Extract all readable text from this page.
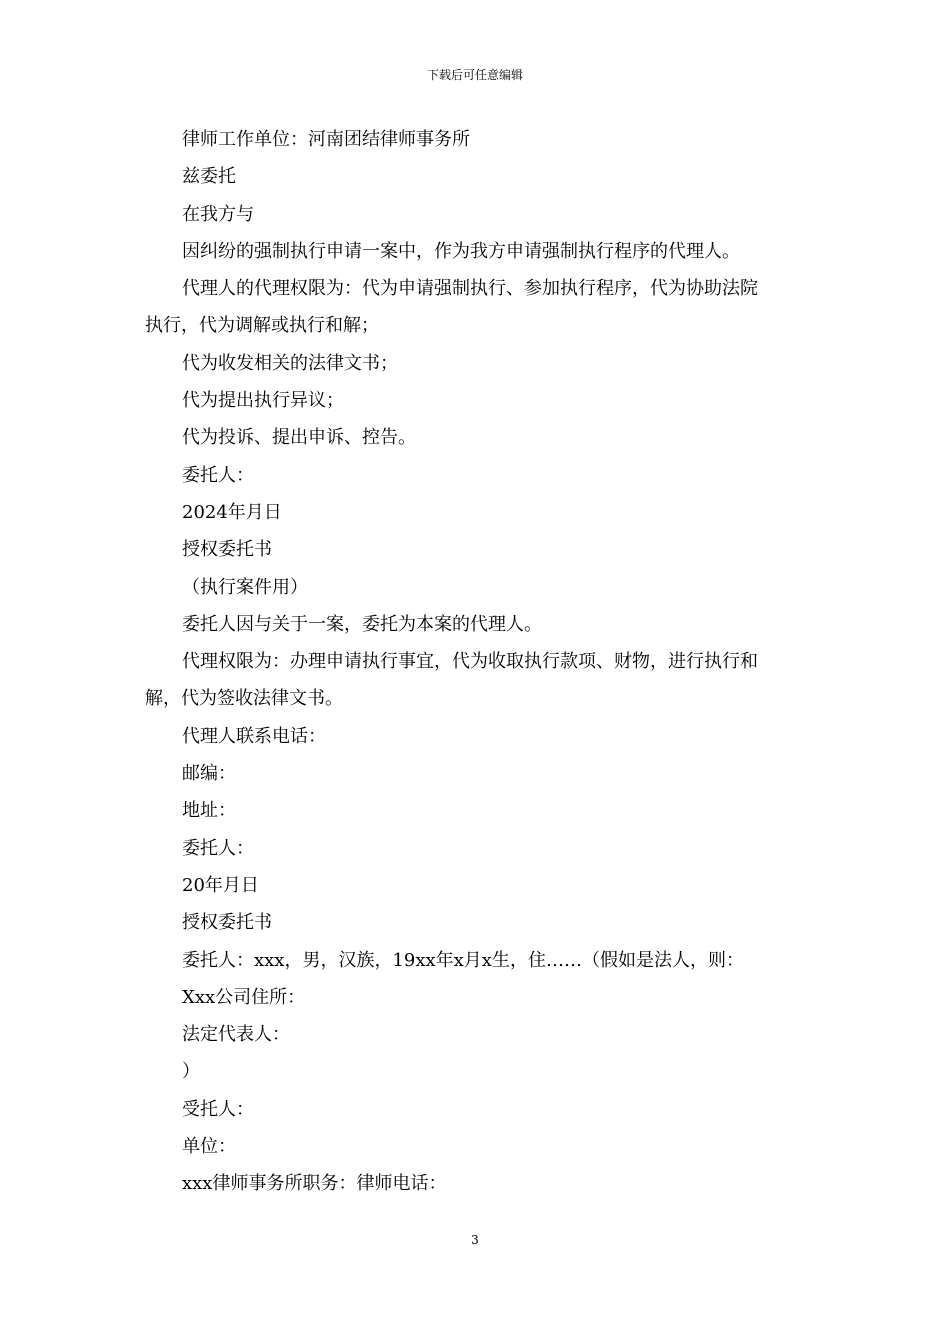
下载后可任意编辑

律师工作单位：河南团结律师事务所

兹委托

在我方与

因纠纷的强制执行申请一案中，作为我方申请强制执行程序的代理人。

代理人的代理权限为：代为申请强制执行、参加执行程序，代为协助法院

执行，代为调解或执行和解；

代为收发相关的法律文书；

代为提出执行异议；

代为投诉、提出申诉、控告。

委托人：

2024年月日

授权委托书

（执行案件用）

委托人因与关于一案，委托为本案的代理人。

代理权限为：办理申请执行事宜，代为收取执行款项、财物，进行执行和

解，代为签收法律文书。

代理人联系电话：

邮编：

地址：

委托人：

20年月日

授权委托书

委托人：xxx，男，汉族，19xx年x月x生，住……（假如是法人，则：

Xxx公司住所：

法定代表人：

）

受托人：

单位：

xxx律师事务所职务：律师电话：

3
